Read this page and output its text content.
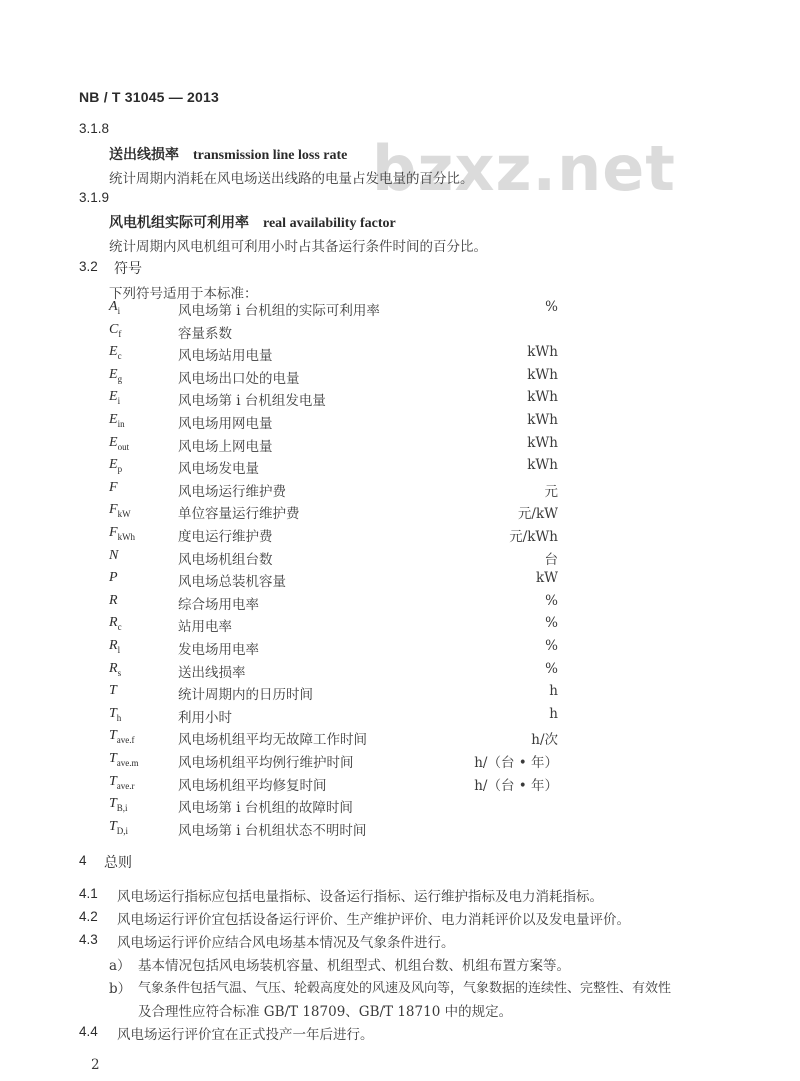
NB / T 31045 — 2013
bzxz.net
3.1.8
送出线损率 transmission line loss rate
统计周期内消耗在风电场送出线路的电量占发电量的百分比。
3.1.9
风电机组实际可利用率 real availability factor
统计周期内风电机组可利用小时占其备运行条件时间的百分比。
3.2 符号
下列符号适用于本标准：
$A_i$	风电场第 i 台机组的实际可利用率	%
$C_f$	容量系数
$E_c$	风电场站用电量	kWh
$E_g$	风电场出口处的电量	kWh
$E_i$	风电场第 i 台机组发电量	kWh
$E_{in}$	风电场用网电量	kWh
$E_{out}$	风电场上网电量	kWh
$E_p$	风电场发电量	kWh
F	风电场运行维护费	元
$F_{kW}$	单位容量运行维护费	元/kW
$F_{kWh}$	度电运行维护费	元/kWh
N	风电场机组台数	台
P	风电场总装机容量	kW
R	综合场用电率	%
$R_c$	站用电率	%
$R_l$	发电场用电率	%
$R_s$	送出线损率	%
T	统计周期内的日历时间	h
$T_h$	利用小时	h
$T_{ave.f}$	风电场机组平均无故障工作时间	h/次
$T_{ave.m}$	风电场机组平均例行维护时间	h/（台 • 年）
$T_{ave.r}$	风电场机组平均修复时间	h/（台 • 年）
$T_{B,i}$	风电场第 i 台机组的故障时间
$T_{D,i}$	风电场第 i 台机组状态不明时间
4 总则
4.1 风电场运行指标应包括电量指标、设备运行指标、运行维护指标及电力消耗指标。
4.2 风电场运行评价宜包括设备运行评价、生产维护评价、电力消耗评价以及发电量评价。
4.3 风电场运行评价应结合风电场基本情况及气象条件进行。
a） 基本情况包括风电场装机容量、机组型式、机组台数、机组布置方案等。
b） 气象条件包括气温、气压、轮毂高度处的风速及风向等，气象数据的连续性、完整性、有效性
及合理性应符合标准 GB/T 18709、GB/T 18710 中的规定。
4.4 风电场运行评价宜在正式投产一年后进行。
2
